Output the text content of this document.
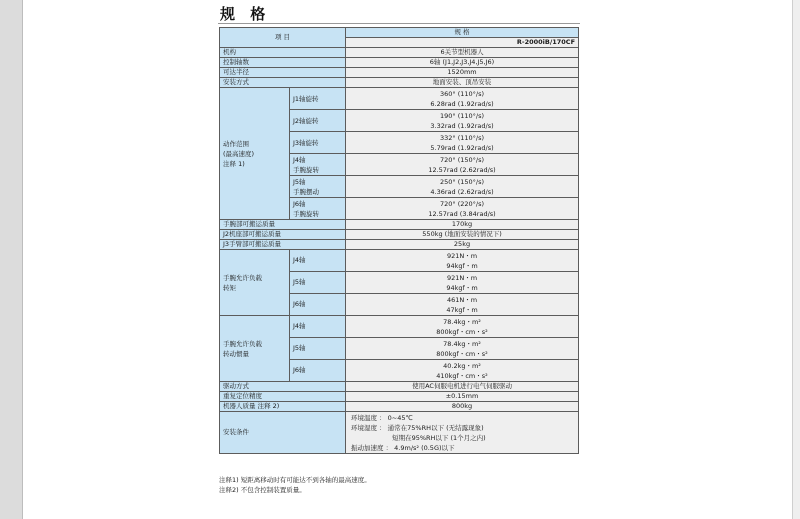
规 格
项 目		规 格
		R-2000iB/170CF
机构		6关节型机器人
控制轴数		6轴 (J1,J2,J3,J4,J5,J6)
可达半径		1520mm
安装方式		地面安装、顶吊安装

动作范围
(最高速度)
注释 1)	J1轴旋转	360° (110°/s)
6.28rad (1.92rad/s)

	J2轴旋转	190° (110°/s)
3.32rad (1.92rad/s)

	J3轴旋转	332° (110°/s)
5.79rad (1.92rad/s)

	J4轴
手腕旋转	720° (150°/s)
12.57rad (2.62rad/s)

	J5轴
手腕摆动	250° (150°/s)
4.36rad (2.62rad/s)

	J6轴
手腕旋转	720° (220°/s)
12.57rad (3.84rad/s)

手腕部可搬运质量		170kg
J2机座部可搬运质量		550kg (地面安装的情况下)
J3手臂部可搬运质量		25kg

手腕允许负载
转矩	J4轴	921N・m
94kgf・m

	J5轴	921N・m
94kgf・m

	J6轴	461N・m
47kgf・m

手腕允许负载
转动惯量	J4轴	78.4kg・m²
800kgf・cm・s²

	J5轴	78.4kg・m²
800kgf・cm・s²

	J6轴	40.2kg・m²
410kgf・cm・s²

驱动方式		使用AC伺服电机进行电气伺服驱动
重复定位精度		±0.15mm
机器人质量 注释 2)		800kg
安装条件		环境温度 ： 0~45℃
环境湿度 ： 通常在75%RH以下 (无结露现象)
　　　　　　 短期在95%RH以下 (1个月之内)
振动加速度 ： 4.9m/s² (0.5G)以下
注释1) 短距离移动时有可能达不到各轴的最高速度。
注释2) 不包含控制装置质量。
